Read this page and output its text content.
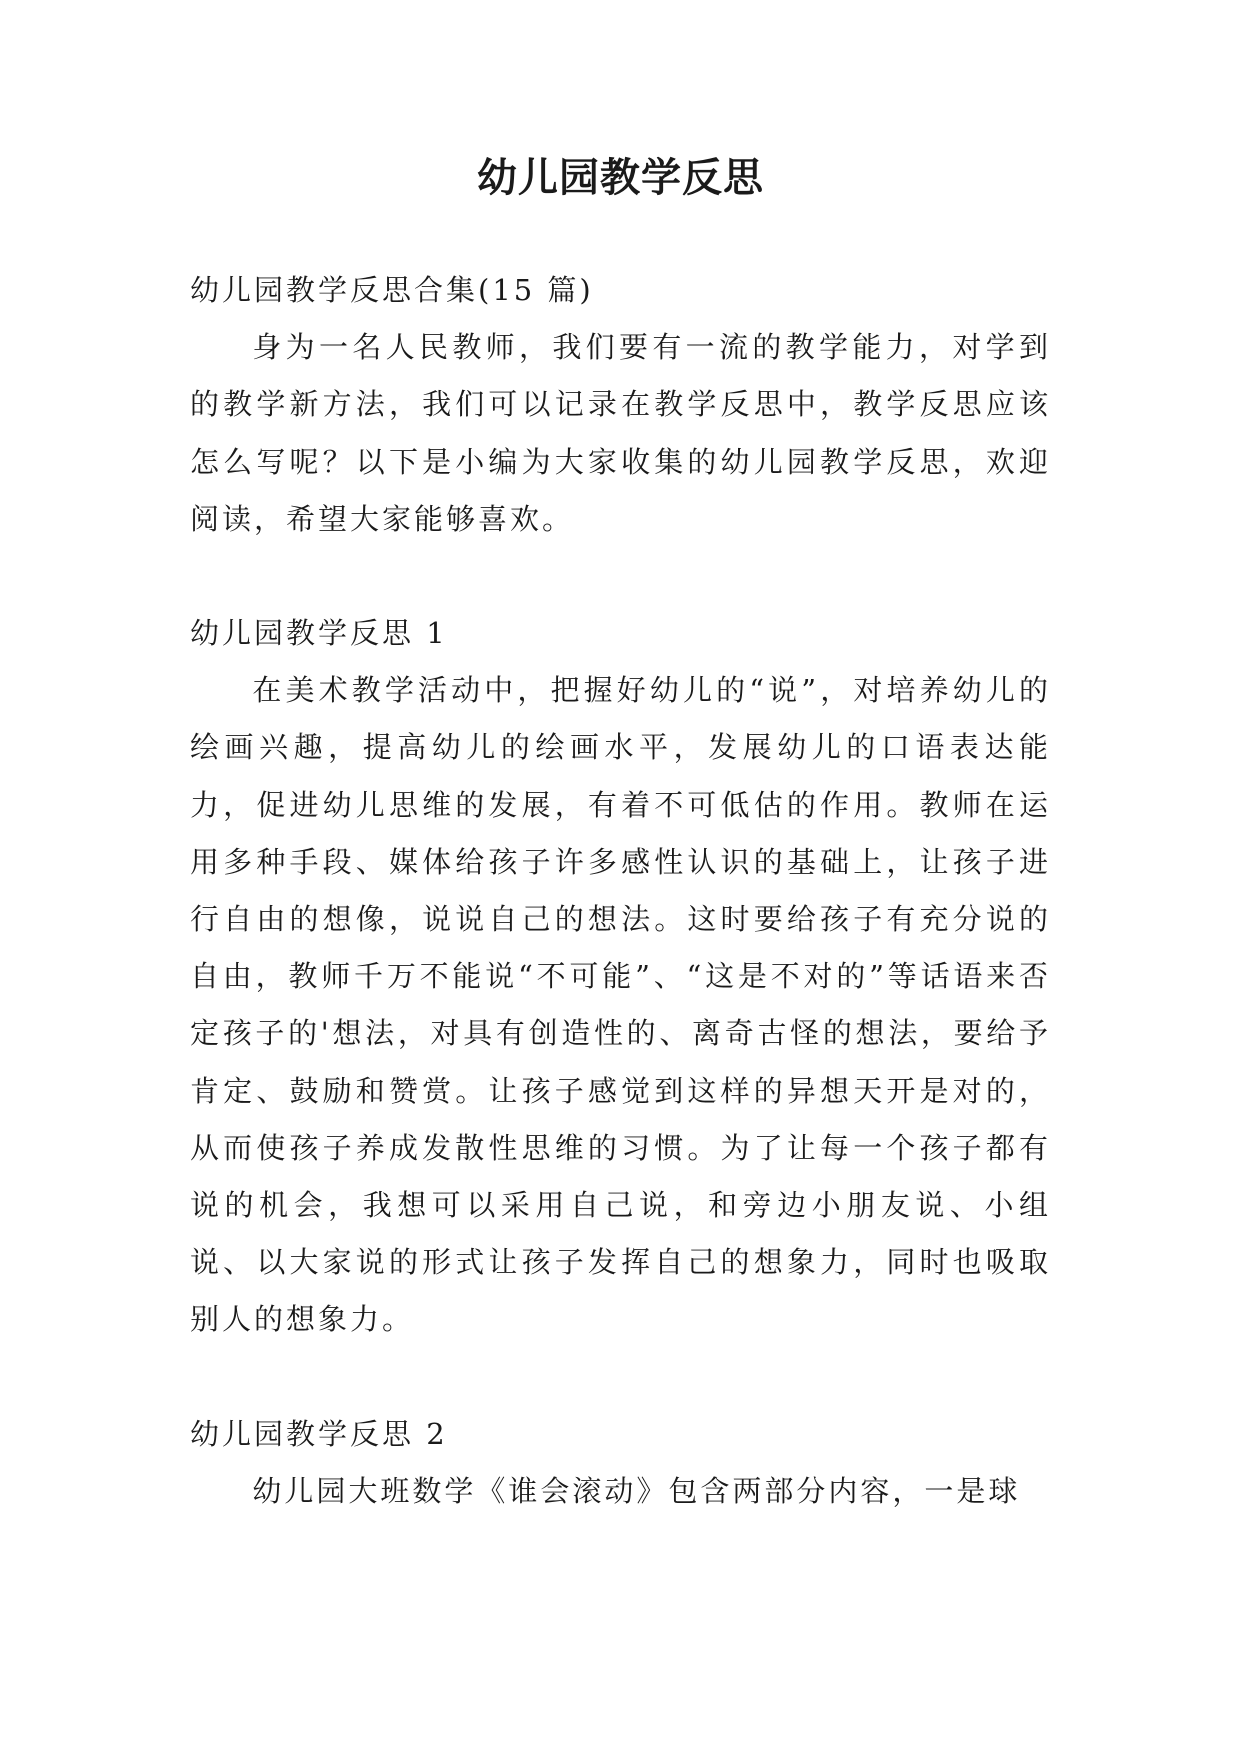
幼儿园教学反思

幼儿园教学反思合集(15 篇)

身为一名人民教师，我们要有一流的教学能力，对学到的教学新方法，我们可以记录在教学反思中，教学反思应该怎么写呢？以下是小编为大家收集的幼儿园教学反思，欢迎阅读，希望大家能够喜欢。

幼儿园教学反思 1

在美术教学活动中，把握好幼儿的“说”，对培养幼儿的绘画兴趣，提高幼儿的绘画水平，发展幼儿的口语表达能力，促进幼儿思维的发展，有着不可低估的作用。教师在运用多种手段、媒体给孩子许多感性认识的基础上，让孩子进行自由的想像，说说自己的想法。这时要给孩子有充分说的自由，教师千万不能说“不可能”、“这是不对的”等话语来否定孩子的'想法，对具有创造性的、离奇古怪的想法，要给予肯定、鼓励和赞赏。让孩子感觉到这样的异想天开是对的，从而使孩子养成发散性思维的习惯。为了让每一个孩子都有说的机会，我想可以采用自己说，和旁边小朋友说、小组说、以大家说的形式让孩子发挥自己的想象力，同时也吸取别人的想象力。

幼儿园教学反思 2

幼儿园大班数学《谁会滚动》包含两部分内容，一是球
